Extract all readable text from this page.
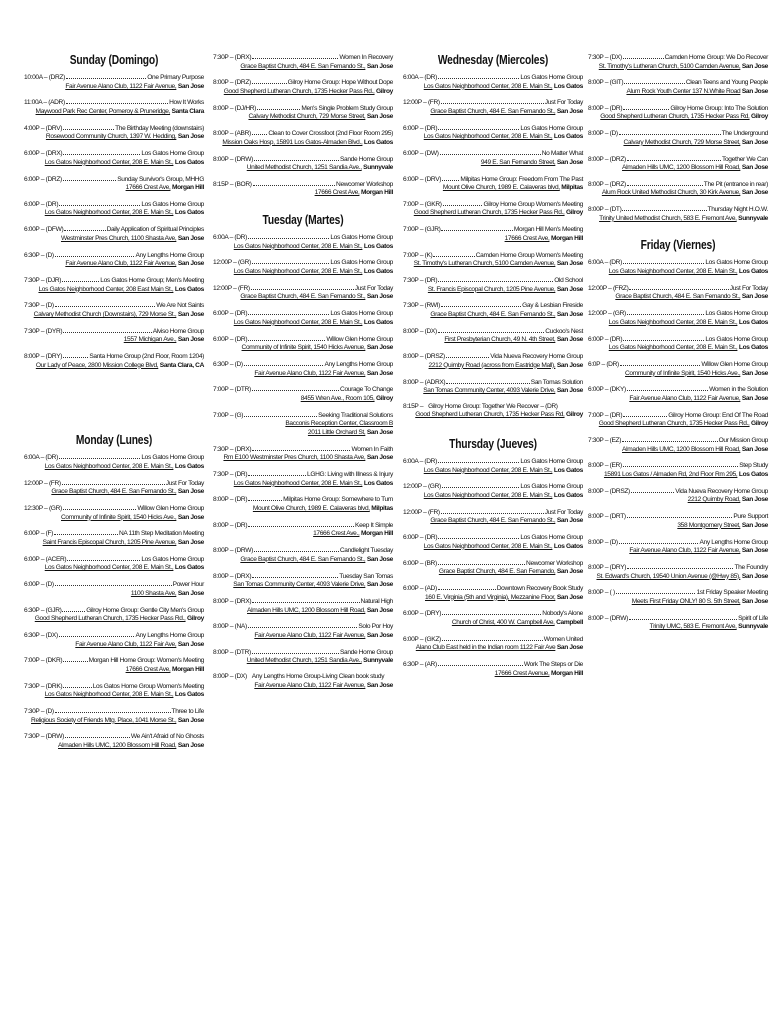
Sunday (Domingo)
10:00A – (DRZ)	One Primary Purpose
Fair Avenue Alano Club, 1122 Fair Avenue, San Jose
11:00A – (ADR)	How It Works
Maywood Park Rec Center, Pomeroy & Pruneridge, Santa Clara
4:00P – (DRV)	The Birthday Meeting (downstairs)
Rosewood Community Church, 1397 W. Hedding, San Jose
6:00P – (DRX)	Los Gatos Home Group
Los Gatos Neighborhood Center, 208 E. Main St., Los Gatos
6:00P – (DRZ)	Sunday Survivor's Group, MHHG
17666 Crest Ave, Morgan Hill
6:00P – (DR)	Los Gatos Home Group
Los Gatos Neighborhood Center, 208 E. Main St., Los Gatos
6:00P – (DFW)	Daily Application of Spiritual Principles
Westminster Pres Church, 1100 Shasta Ave, San Jose
6:30P – (D)	Any Lengths Home Group
Fair Avenue Alano Club, 1122 Fair Avenue, San Jose
7:30P – (DJR)	Los Gatos Home Group; Men's Meeting
Los Gatos Neighborhood Center, 208 East Main St., Los Gatos
7:30P – (D)	We Are Not Saints
Calvary Methodist Church (Downstairs), 729 Morse St., San Jose
7:30P – (DYR)	Alviso Home Group
1557 Michigan Ave., San Jose
8:00P – (DRY)	Santa Home Group (2nd Floor, Room 1204)
Our Lady of Peace, 2800 Mission College Blvd, Santa Clara, CA
Monday (Lunes)
6:00A – (DR)	Los Gatos Home Group
Los Gatos Neighborhood Center, 208 E. Main St., Los Gatos
12:00P – (FR)	Just For Today
Grace Baptist Church, 484 E. San Fernando St., San Jose
12:30P – (GR)	Willow Glen Home Group
Community of Infinite Spirit, 1540 Hicks Ave., San Jose
6:00P – (F)	NA 11th Step Meditation Meeting
Saint Francis Episcopal Church, 1205 Pine Avenue, San Jose
6:00P – (ACER)	Los Gatos Home Group
Los Gatos Neighborhood Center, 208 E. Main St., Los Gatos
6:00P – (D)	Power Hour
1100 Shasta Ave, San Jose
6:30P – (GJR)	Gilroy Home Group: Gentle City Men's Group
Good Shepherd Lutheran Church, 1735 Hecker Pass Rd., Gilroy
6:30P – (DX)	Any Lengths Home Group
Fair Avenue Alano Club, 1122 Fair Ave, San Jose
7:00P – (DKR)	Morgan Hill Home Group: Women's Meeting
17666 Crest Ave, Morgan Hill
7:30P – (DRK)	Los Gatos Home Group Women's Meeting
Los Gatos Neighborhood Center, 208 E. Main St., Los Gatos
7:30P – (D)	Three to Life
Religious Society of Friends Mtg. Place, 1041 Morse St., San Jose
7:30P – (DRW)	We Ain't Afraid of No Ghosts
Almaden Hills UMC, 1200 Blossom Hill Road, San Jose
7:30P – (DRX)	Women In Recovery
Grace Baptist Church, 484 E. San Fernando St., San Jose
8:00P – (DRZ)	Gilroy Home Group: Hope Without Dope
Good Shepherd Lutheran Church, 1735 Hecker Pass Rd., Gilroy
8:00P – (DJ/HR)	Men's Single Problem Study Group
Calvary Methodist Church, 729 Morse Street, San Jose
8:00P – (ABR)	Clean to Cover Crossfoot (2nd Floor Room 295)
Mission Oaks Hosp, 15891 Los Gatos-Almaden Blvd., Los Gatos
8:00P – (DRW)	Sande Home Group
United Methodist Church, 1251 Sandia Ave., Sunnyvale
8:15P – (BOR)	Newcomer Workshop
17666 Crest Ave, Morgan Hill
Tuesday (Martes)
6:00A – (DR)	Los Gatos Home Group
Los Gatos Neighborhood Center, 208 E. Main St., Los Gatos
12:00P – (GR)	Los Gatos Home Group
Los Gatos Neighborhood Center, 208 E. Main St., Los Gatos
12:00P – (FR)	Just For Today
Grace Baptist Church, 484 E. San Fernando St., San Jose
6:00P – (DR)	Los Gatos Home Group
Los Gatos Neighborhood Center, 208 E. Main St., Los Gatos
6:00P – (DR)	Willow Glen Home Group
Community of Infinite Spirit, 1540 Hicks Avenue, San Jose
6:30P – (D)	Any Lengths Home Group
Fair Avenue Alano Club, 1122 Fair Avenue, San Jose
7:00P – (DTR)	Courage To Change
8455 Wren Ave., Room 105, Gilroy
7:00P – (G)	Seeking Traditional Solutions
Bacconis Reception Center, Classroom B
2011 Little Orchard St, San Jose
7:30P – (DRX)	Women In Faith
Rm E100 Westminster Pres Church, 1100 Shasta Ave, San Jose
7:30P – (DR)	LGHG: Living with Illness & Injury
Los Gatos Neighborhood Center, 208 E. Main St., Los Gatos
8:00P – (DR)	Milpitas Home Group: Somewhere to Turn
Mount Olive Church, 1989 E. Calaveras blvd, Milpitas
8:00P – (DR)	Keep It Simple
17666 Crest Ave., Morgan Hill
8:00P – (DRW)	Candlelight Tuesday
Grace Baptist Church, 484 E. San Fernando St., San Jose
8:00P – (DRX)	Tuesday San Tomas
San Tomas Community Center, 4093 Valerie Drive, San Jose
8:00P – (DRX)	Natural High
Almaden Hills UMC, 1200 Blossom Hill Road, San Jose
8:00P – (NA)	Solo Por Hoy
Fair Avenue Alano Club, 1122 Fair Avenue, San Jose
8:00P – (DTR)	Sande Home Group
United Methodist Church, 1251 Sandia Ave., Sunnyvale
8:00P – (DX) Any Lengths Home Group-Living Clean book study
Fair Avenue Alano Club, 1122 Fair Avenue, San Jose
Wednesday (Miercoles)
6:00A – (DR)	Los Gatos Home Group
Los Gatos Neighborhood Center, 208 E. Main St., Los Gatos
12:00P – (FR)	Just For Today
Grace Baptist Church, 484 E. San Fernando St., San Jose
6:00P – (DR)	Los Gatos Home Group
Los Gatos Neighborhood Center, 208 E. Main St., Los Gatos
6:00P – (DW)	No Matter What
949 E. San Fernando Street, San Jose
6:00P – (DRV)	Milpitas Home Group: Freedom From The Past
Mount Olive Church, 1989 E. Calaveras blvd, Milpitas
7:00P – (GKR)	Gilroy Home Group Women's Meeting
Good Shepherd Lutheran Church, 1735 Hecker Pass Rd., Gilroy
7:00P – (GJR)	Morgan Hill Men's Meeting
17666 Crest Ave, Morgan Hill
7:00P – (K)	Camden Home Group Women's Meeting
St. Timothy's Lutheran Church, 5100 Camden Avenue, San Jose
7:30P – (DR)	Old School
St. Francis Episcopal Church, 1205 Pine Avenue, San Jose
7:30P – (RWI)	Gay & Lesbian Fireside
Grace Baptist Church, 484 E. San Fernando St., San Jose
8:00P – (DX)	Cuckoo's Nest
First Presbyterian Church, 49 N. 4th Street, San Jose
8:00P – (DRSZ)	Vida Nueva Recovery Home Group
2212 Quimby Road (across from Eastridge Mall), San Jose
8:00P – (ADRX)	San Tomas Solution
San Tomas Community Center, 4093 Valerie Drive, San Jose
8:15P – Gilroy Home Group: Together We Recover – (DR)
Good Shepherd Lutheran Church, 1735 Hecker Pass Rd, Gilroy
Thursday (Jueves)
6:00A – (DR)	Los Gatos Home Group
Los Gatos Neighborhood Center, 208 E. Main St., Los Gatos
12:00P – (GR)	Los Gatos Home Group
Los Gatos Neighborhood Center, 208 E. Main St., Los Gatos
12:00P – (FR)	Just For Today
Grace Baptist Church, 484 E. San Fernando St., San Jose
6:00P – (DR)	Los Gatos Home Group
Los Gatos Neighborhood Center, 208 E. Main St., Los Gatos
6:00P – (BR)	Newcomer Workshop
Grace Baptist Church, 484 E. San Fernando, San Jose
6:00P – (AD)	Downtown Recovery Book Study
160 E. Virginia (5th and Virginia), Mezzanine Floor, San Jose
6:00P – (DRY)	Nobody's Alone
Church of Christ, 400 W. Campbell Ave, Campbell
6:00P – (GKZ)	Women United
Alano Club East held in the Indian room 1122 Fair Ave San Jose
6:30P – (AR)	Work The Steps or Die
17666 Crest Avenue, Morgan Hill
7:30P – (DX)	Camden Home Group: We Do Recover
St. Timothy's Lutheran Church, 5100 Camden Avenue, San Jose
8:00P – (GIT)	Clean Teens and Young People
Alum Rock Youth Center 137 N.White Road San Jose
8:00P – (DR)	Gilroy Home Group: Into The Solution
Good Shepherd Lutheran Church, 1735 Hecker Pass Rd, Gilroy
8:00P – (D)	The Underground
Calvary Methodist Church, 729 Morse Street, San Jose
8:00P – (DRZ)	Together We Can
Almaden Hills UMC, 1200 Blossom Hill Road, San Jose
8:00P – (DRZ)	The Pit (entrance in rear)
Alum Rock United Methodist Church, 30 Kirk Avenue, San Jose
8:00P – (DT)	Thursday Night H.O.W.
Trinity United Methodist Church, 583 E. Fremont Ave, Sunnyvale
Friday (Viernes)
6:00A – (DR)	Los Gatos Home Group
Los Gatos Neighborhood Center, 208 E. Main St., Los Gatos
12:00P – (FRZ)	Just For Today
Grace Baptist Church, 484 E. San Fernando St., San Jose
12:00P – (GR)	Los Gatos Home Group
Los Gatos Neighborhood Center, 208 E. Main St., Los Gatos
6:00P – (DR)	Los Gatos Home Group
Los Gatos Neighborhood Center, 208 E. Main St., Los Gatos
6:0P – (DR)	Willow Glen Home Group
Community of Infinite Spirit, 1540 Hicks Ave., San Jose
6:00P – (DKY)	Women in the Solution
Fair Avenue Alano Club, 1122 Fair Avenue, San Jose
7:00P – (DR)	Gilroy Home Group: End Of The Road
Good Shepherd Lutheran Church, 1735 Hecker Pass Rd., Gilroy
7:30P – (EZ)	Our Mission Group
Almaden Hills UMC, 1200 Blossom Hill Road, San Jose
8:00P – (ER)	Step Study
15891 Los Gatos / Almaden Rd, 2nd Floor Rm 295, Los Gatos
8:00P – (DRSZ)	Vida Nueva Recovery Home Group
2212 Quimby Road, San Jose
8:00P – (DRT)	Pure Support
358 Montgomery Street, San Jose
8:00P – (D)	Any Lengths Home Group
Fair Avenue Alano Club, 1122 Fair Avenue, San Jose
8:00P – (DRY)	The Foundry
St. Edward's Church, 19540 Union Avenue (@Hwy 85), San Jose
8:00P – ( )	1st Friday Speaker Meeting
Meets First Friday ONLY! 80 S. 5th Street, San Jose
8:00P – (DRW)	Spirit of Life
Trinity UMC, 583 E. Fremont Ave, Sunnyvale
